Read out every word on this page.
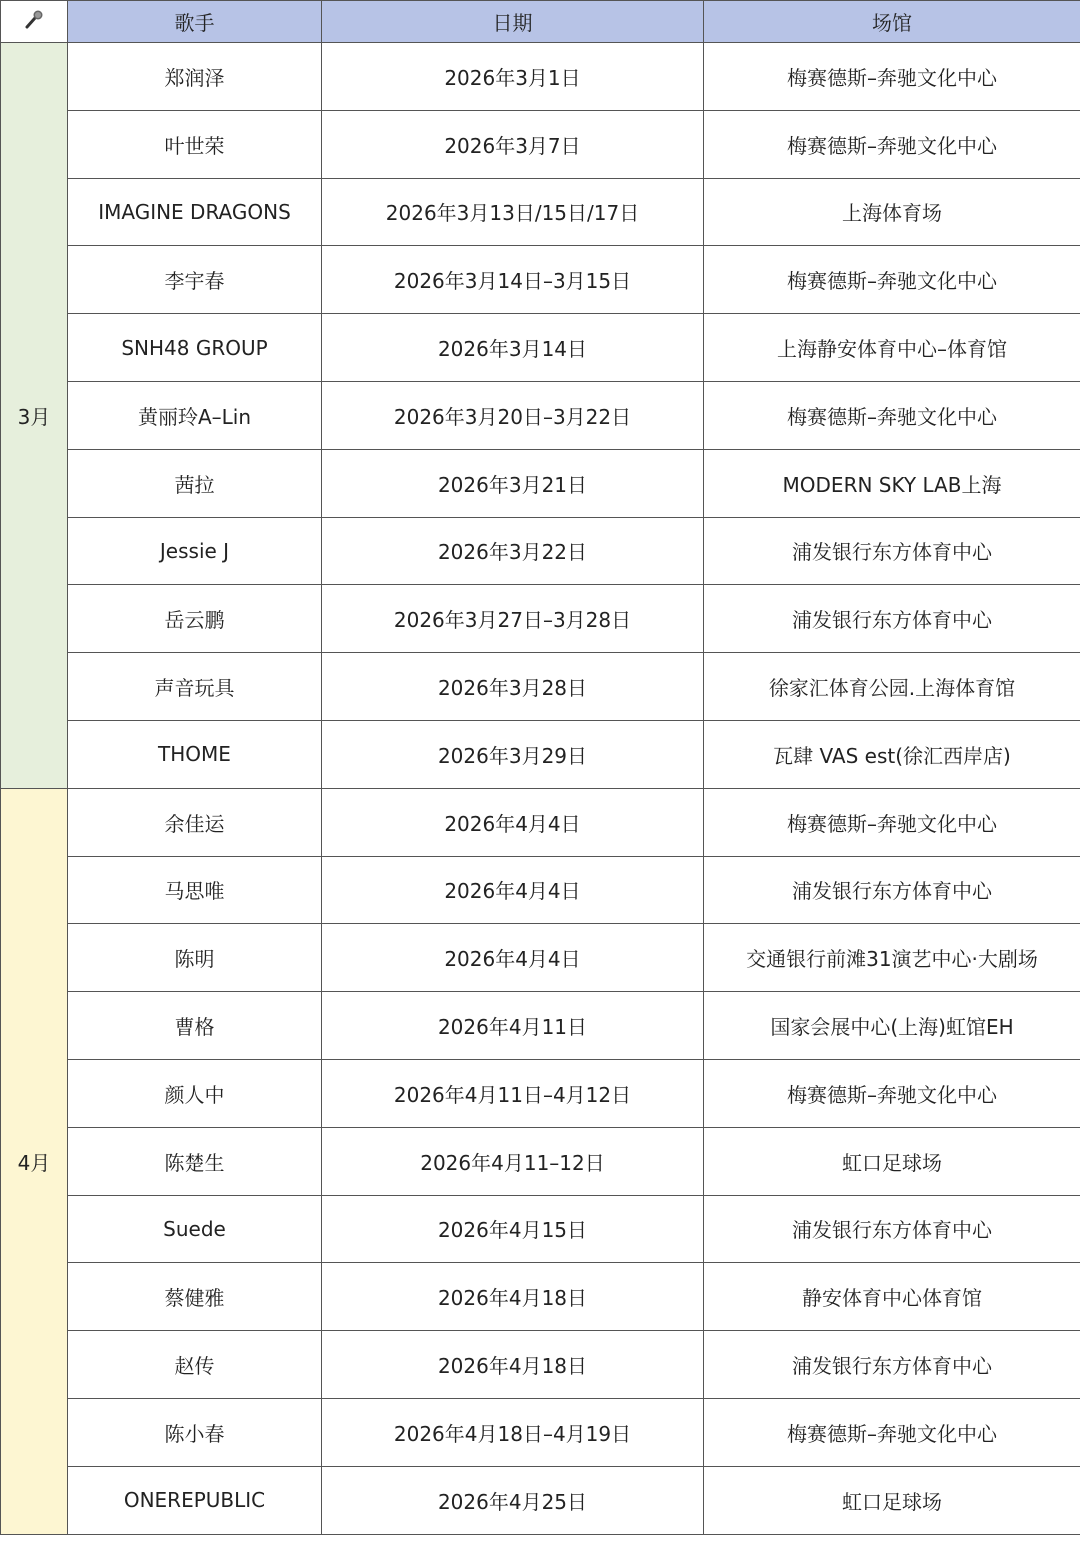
	歌手	日期	场馆
3月	郑润泽	2026年3月1日	梅赛德斯–奔驰文化中心
	叶世荣	2026年3月7日	梅赛德斯–奔驰文化中心
	IMAGINE DRAGONS	2026年3月13日/15日/17日	上海体育场
	李宇春	2026年3月14日–3月15日	梅赛德斯–奔驰文化中心
	SNH48 GROUP	2026年3月14日	上海静安体育中心–体育馆
	黄丽玲A–Lin	2026年3月20日–3月22日	梅赛德斯–奔驰文化中心
	茜拉	2026年3月21日	MODERN SKY LAB上海
	Jessie J	2026年3月22日	浦发银行东方体育中心
	岳云鹏	2026年3月27日–3月28日	浦发银行东方体育中心
	声音玩具	2026年3月28日	徐家汇体育公园.上海体育馆
	THOME	2026年3月29日	瓦肆 VAS est(徐汇西岸店)
4月	余佳运	2026年4月4日	梅赛德斯–奔驰文化中心
	马思唯	2026年4月4日	浦发银行东方体育中心
	陈明	2026年4月4日	交通银行前滩31演艺中心·大剧场
	曹格	2026年4月11日	国家会展中心(上海)虹馆EH
	颜人中	2026年4月11日–4月12日	梅赛德斯–奔驰文化中心
	陈楚生	2026年4月11–12日	虹口足球场
	Suede	2026年4月15日	浦发银行东方体育中心
	蔡健雅	2026年4月18日	静安体育中心体育馆
	赵传	2026年4月18日	浦发银行东方体育中心
	陈小春	2026年4月18日–4月19日	梅赛德斯–奔驰文化中心
	ONEREPUBLIC	2026年4月25日	虹口足球场
